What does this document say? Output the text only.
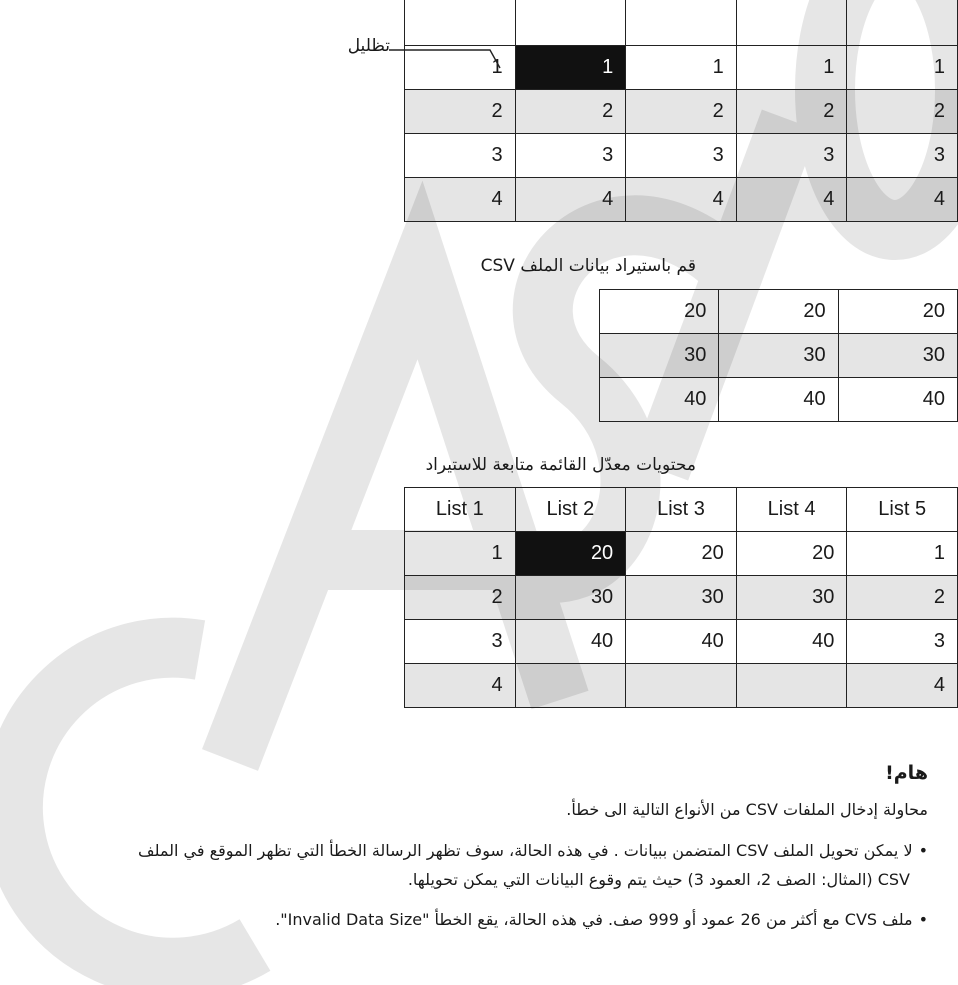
1	1	1	1	1
2	2	2	2	2
3	3	3	3	3
4	4	4	4	4
تظليل
قم باستيراد بيانات الملف CSV
20	20	20
30	30	30
40	40	40
محتويات معدّل القائمة متابعة للاستيراد
List 1	List 2	List 3	List 4	List 5
1	20	20	20	1
2	30	30	30	2
3	40	40	40	3
4				4
هام!
محاولة إدخال الملفات CSV من الأنواع التالية الى خطأ.
•لا يمكن تحويل الملف CSV المتضمن ببيانات . في هذه الحالة، سوف تظهر الرسالة الخطأ التي تظهر الموقع في الملف
CSV (المثال: الصف 2، العمود 3) حيث يتم وقوع البيانات التي يمكن تحويلها.
•ملف CVS مع أكثر من 26 عمود أو 999 صف. في هذه الحالة، يقع الخطأ "Invalid Data Size".
